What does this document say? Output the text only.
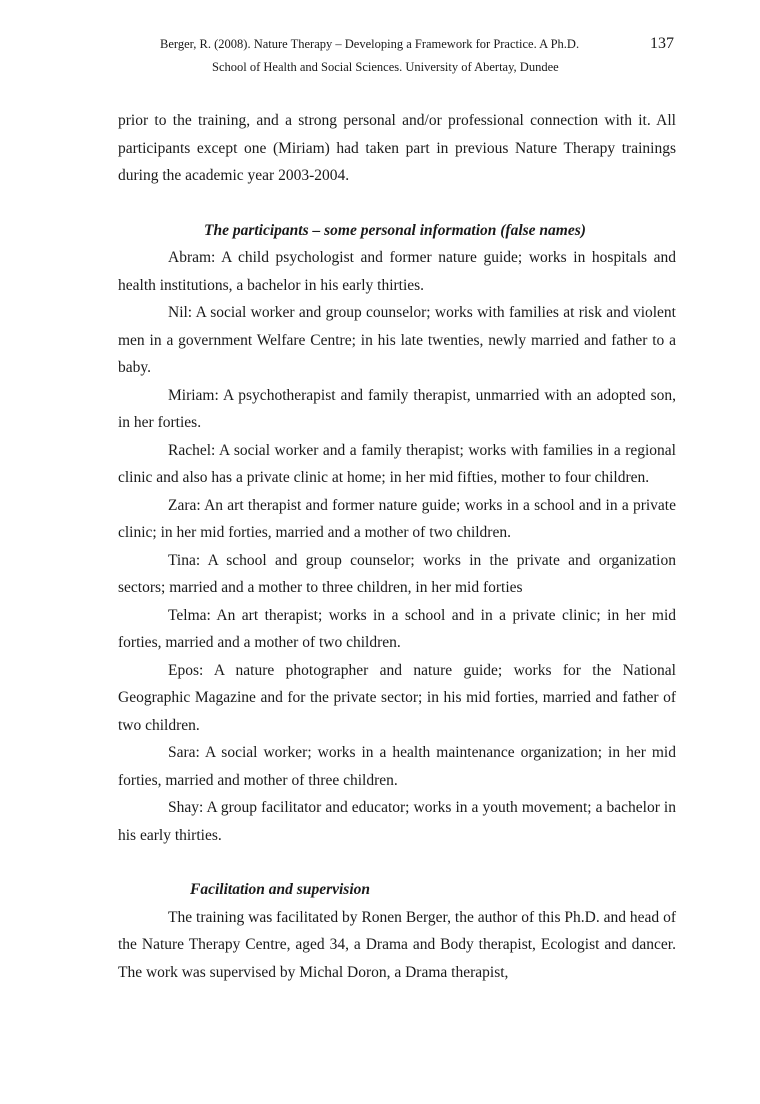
Berger, R. (2008). Nature Therapy – Developing a Framework for Practice. A Ph.D.	137
School of Health and Social Sciences. University of Abertay, Dundee

prior to the training, and a strong personal and/or professional connection with it. All participants except one (Miriam) had taken part in previous Nature Therapy trainings during the academic year 2003-2004.

The participants – some personal information (false names)

Abram: A child psychologist and former nature guide; works in hospitals and health institutions, a bachelor in his early thirties.

Nil: A social worker and group counselor; works with families at risk and violent men in a government Welfare Centre; in his late twenties, newly married and father to a baby.

Miriam: A psychotherapist and family therapist, unmarried with an adopted son, in her forties.

Rachel: A social worker and a family therapist; works with families in a regional clinic and also has a private clinic at home; in her mid fifties, mother to four children.

Zara: An art therapist and former nature guide; works in a school and in a private clinic; in her mid forties, married and a mother of two children.

Tina: A school and group counselor; works in the private and organization sectors; married and a mother to three children, in her mid forties

Telma: An art therapist; works in a school and in a private clinic; in her mid forties, married and a mother of two children.

Epos: A nature photographer and nature guide; works for the National Geographic Magazine and for the private sector; in his mid forties, married and father of two children.

Sara: A social worker; works in a health maintenance organization; in her mid forties, married and mother of three children.

Shay: A group facilitator and educator; works in a youth movement; a bachelor in his early thirties.

Facilitation and supervision

The training was facilitated by Ronen Berger, the author of this Ph.D. and head of the Nature Therapy Centre, aged 34, a Drama and Body therapist, Ecologist and dancer. The work was supervised by Michal Doron, a Drama therapist,
